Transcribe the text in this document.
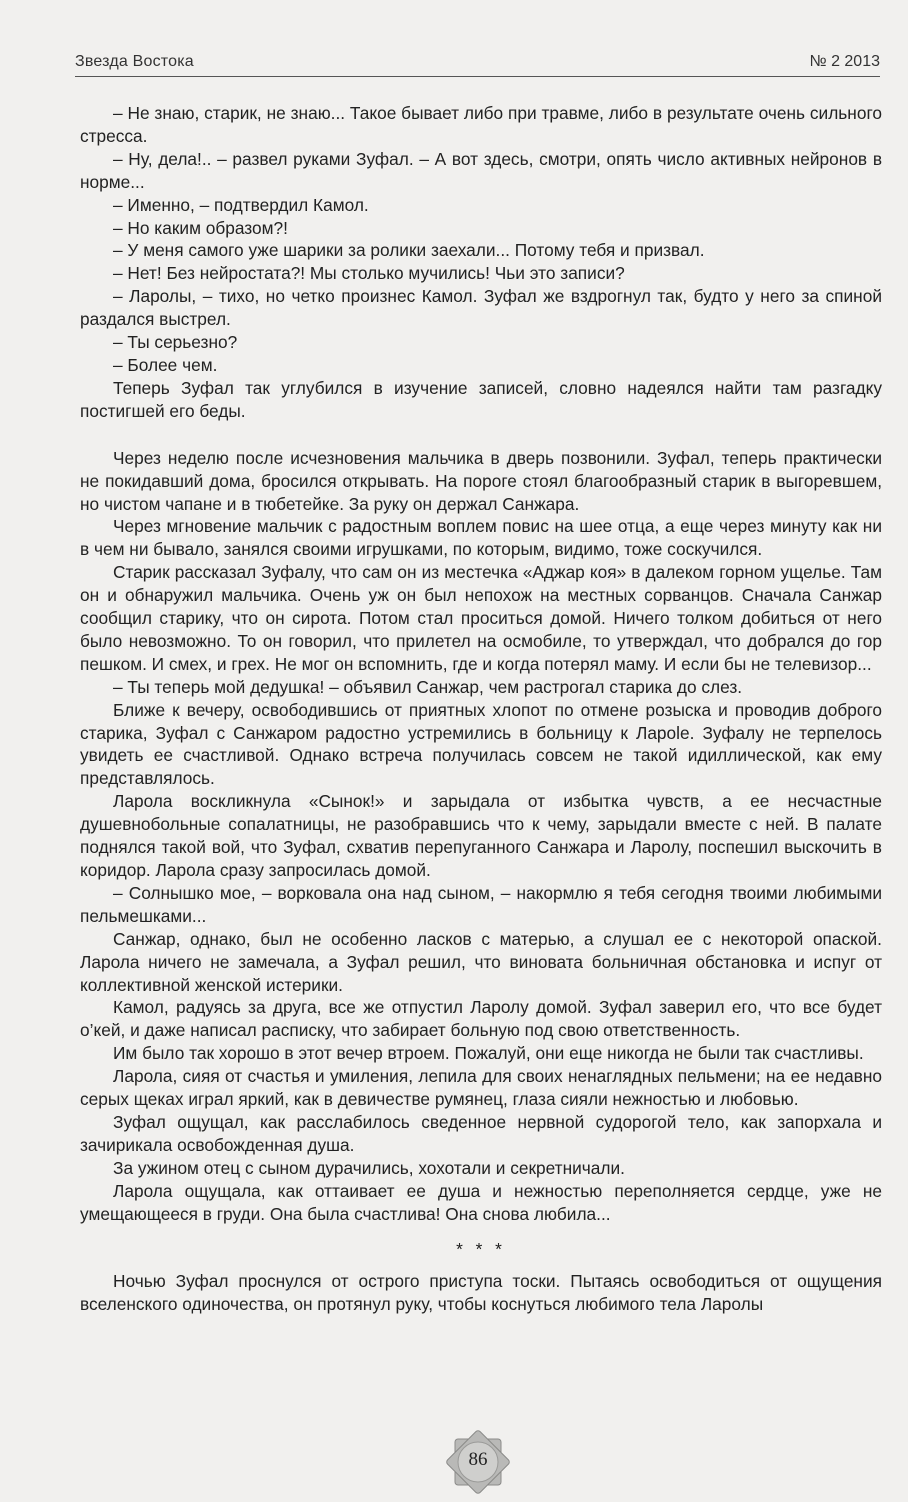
Звезда Востока	№ 2 2013

– Не знаю, старик, не знаю... Такое бывает либо при травме, либо в результате очень сильного стресса.

– Ну, дела!.. – развел руками Зуфал. – А вот здесь, смотри, опять число активных нейронов в норме...

– Именно, – подтвердил Камол.

– Но каким образом?!

– У меня самого уже шарики за ролики заехали... Потому тебя и призвал.

– Нет! Без нейростата?! Мы столько мучились! Чьи это записи?

– Ларолы, – тихо, но четко произнес Камол. Зуфал же вздрогнул так, будто у него за спиной раздался выстрел.

– Ты серьезно?

– Более чем.

Теперь Зуфал так углубился в изучение записей, словно надеялся найти там разгадку постигшей его беды.

Через неделю после исчезновения мальчика в дверь позвонили. Зуфал, теперь практически не покидавший дома, бросился открывать. На пороге стоял благообразный старик в выгоревшем, но чистом чапане и в тюбетейке. За руку он держал Санжара.

Через мгновение мальчик с радостным воплем повис на шее отца, а еще через минуту как ни в чем ни бывало, занялся своими игрушками, по которым, видимо, тоже соскучился.

Старик рассказал Зуфалу, что сам он из местечка «Аджар коя» в далеком горном ущелье. Там он и обнаружил мальчика. Очень уж он был непохож на местных сорванцов. Сначала Санжар сообщил старику, что он сирота. Потом стал проситься домой. Ничего толком добиться от него было невозможно. То он говорил, что прилетел на осмобиле, то утверждал, что добрался до гор пешком. И смех, и грех. Не мог он вспомнить, где и когда потерял маму. И если бы не телевизор...

– Ты теперь мой дедушка! – объявил Санжар, чем растрогал старика до слез.

Ближе к вечеру, освободившись от приятных хлопот по отмене розыска и проводив доброго старика, Зуфал с Санжаром радостно устремились в больницу к Ларole. Зуфалу не терпелось увидеть ее счастливой. Однако встреча получилась совсем не такой идиллической, как ему представлялось.

Ларола воскликнула «Сынок!» и зарыдала от избытка чувств, а ее несчастные душевнобольные сопалатницы, не разобравшись что к чему, зарыдали вместе с ней. В палате поднялся такой вой, что Зуфал, схватив перепуганного Санжара и Ларолу, поспешил выскочить в коридор. Ларола сразу запросилась домой.

– Солнышко мое, – ворковала она над сыном, – накормлю я тебя сегодня твоими любимыми пельмешками...

Санжар, однако, был не особенно ласков с матерью, а слушал ее с некоторой опаской. Ларола ничего не замечала, а Зуфал решил, что виновата больничная обстановка и испуг от коллективной женской истерики.

Камол, радуясь за друга, все же отпустил Ларолу домой. Зуфал заверил его, что все будет о’кей, и даже написал расписку, что забирает больную под свою ответственность.

Им было так хорошо в этот вечер втроем. Пожалуй, они еще никогда не были так счастливы.

Ларола, сияя от счастья и умиления, лепила для своих ненаглядных пельмени; на ее недавно серых щеках играл яркий, как в девичестве румянец, глаза сияли нежностью и любовью.

Зуфал ощущал, как расслабилось сведенное нервной судорогой тело, как запорхала и зачирикала освобожденная душа.

За ужином отец с сыном дурачились, хохотали и секретничали.

Ларола ощущала, как оттаивает ее душа и нежностью переполняется сердце, уже не умещающееся в груди. Она была счастлива! Она снова любила...

* * *

Ночью Зуфал проснулся от острого приступа тоски. Пытаясь освободиться от ощущения вселенского одиночества, он протянул руку, чтобы коснуться любимого тела Ларолы

86
